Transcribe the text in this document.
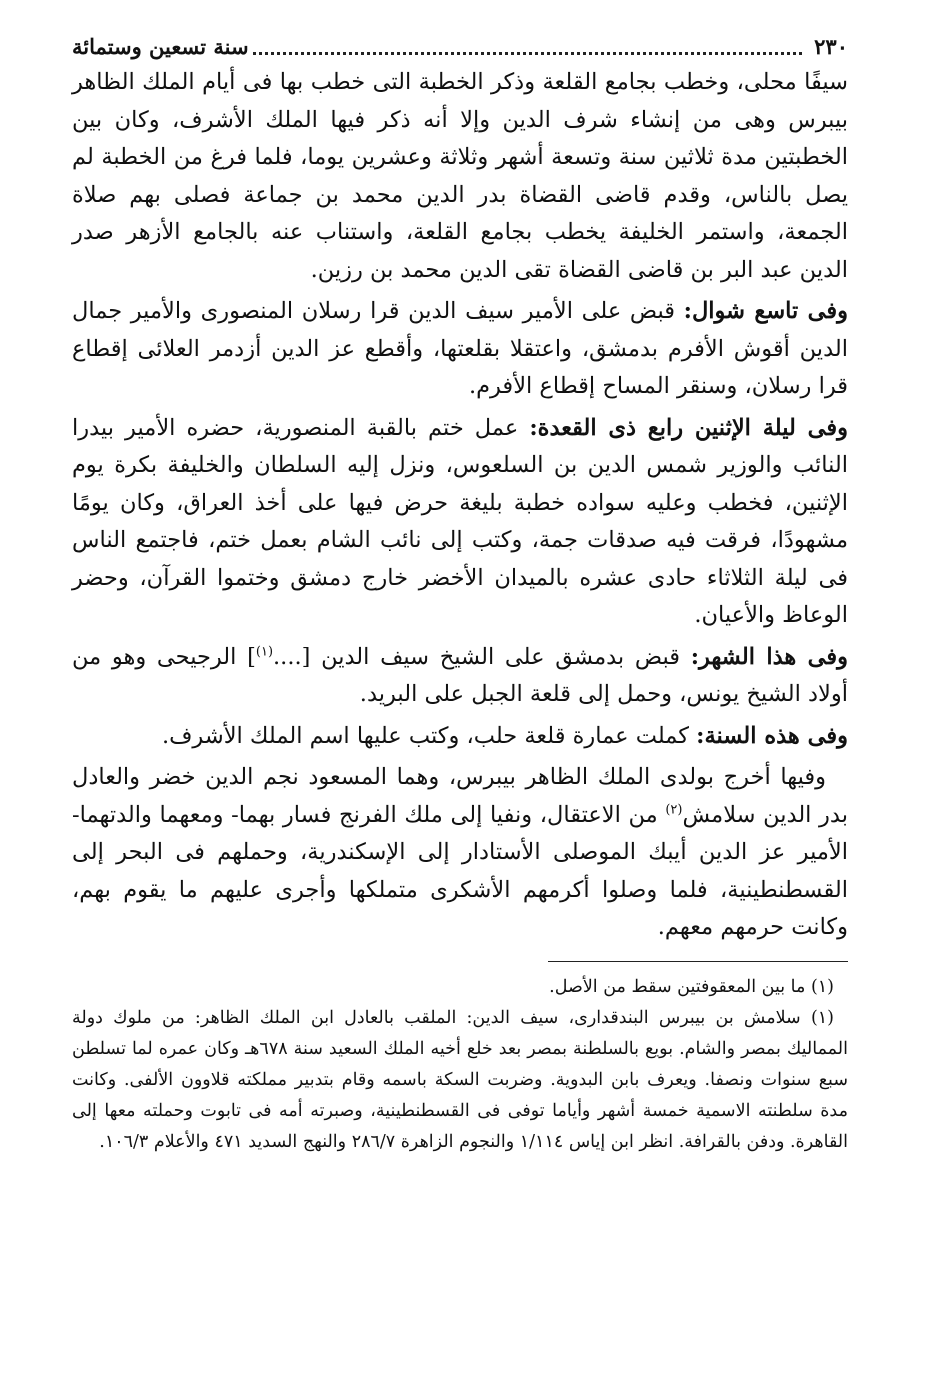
٢٣٠
سنة تسعين وستمائة

سيفًا محلى، وخطب بجامع القلعة وذكر الخطبة التى خطب بها فى أيام الملك الظاهر بيبرس وهى من إنشاء شرف الدين وإلا أنه ذكر فيها الملك الأشرف، وكان بين الخطبتين مدة ثلاثين سنة وتسعة أشهر وثلاثة وعشرين يوما، فلما فرغ من الخطبة لم يصل بالناس، وقدم قاضى القضاة بدر الدين محمد بن جماعة فصلى بهم صلاة الجمعة، واستمر الخليفة يخطب بجامع القلعة، واستناب عنه بالجامع الأزهر صدر الدين عبد البر بن قاضى القضاة تقى الدين محمد بن رزين.

وفى تاسع شوال: قبض على الأمير سيف الدين قرا رسلان المنصورى والأمير جمال الدين أقوش الأفرم بدمشق، واعتقلا بقلعتها، وأقطع عز الدين أزدمر العلائى إقطاع قرا رسلان، وسنقر المساح إقطاع الأفرم.

وفى ليلة الإثنين رابع ذى القعدة: عمل ختم بالقبة المنصورية، حضره الأمير بيدرا النائب والوزير شمس الدين بن السلعوس، ونزل إليه السلطان والخليفة بكرة يوم الإثنين، فخطب وعليه سواده خطبة بليغة حرض فيها على أخذ العراق، وكان يومًا مشهودًا، فرقت فيه صدقات جمة، وكتب إلى نائب الشام بعمل ختم، فاجتمع الناس فى ليلة الثلاثاء حادى عشره بالميدان الأخضر خارج دمشق وختموا القرآن، وحضر الوعاظ والأعيان.

وفى هذا الشهر: قبض بدمشق على الشيخ سيف الدين [....$^{(١)}$] الرجيحى وهو من أولاد الشيخ يونس، وحمل إلى قلعة الجبل على البريد.

وفى هذه السنة: كملت عمارة قلعة حلب، وكتب عليها اسم الملك الأشرف.

وفيها أخرج بولدى الملك الظاهر بيبرس، وهما المسعود نجم الدين خضر والعادل بدر الدين سلامش$^{(٢)}$ من الاعتقال، ونفيا إلى ملك الفرنج فسار بهما- ومعهما والدتهما- الأمير عز الدين أيبك الموصلى الأستادار إلى الإسكندرية، وحملهم فى البحر إلى القسطنطينية، فلما وصلوا أكرمهم الأشكرى متملكها وأجرى عليهم ما يقوم بهم، وكانت حرمهم معهم.

(١) ما بين المعقوفتين سقط من الأصل.

(١) سلامش بن بيبرس البندقدارى، سيف الدين: الملقب بالعادل ابن الملك الظاهر: من ملوك دولة المماليك بمصر والشام. بويع بالسلطنة بمصر بعد خلع أخيه الملك السعيد سنة ٦٧٨هـ وكان عمره لما تسلطن سبع سنوات ونصفا. ويعرف بابن البدوية. وضربت السكة باسمه وقام بتدبير مملكته قلاوون الألفى. وكانت مدة سلطنته الاسمية خمسة أشهر وأياما توفى فى القسطنطينية، وصبرته أمه فى تابوت وحملته معها إلى القاهرة. ودفن بالقرافة. انظر ابن إياس ١/١١٤ والنجوم الزاهرة ٢٨٦/٧ والنهج السديد ٤٧١ والأعلام ١٠٦/٣.
